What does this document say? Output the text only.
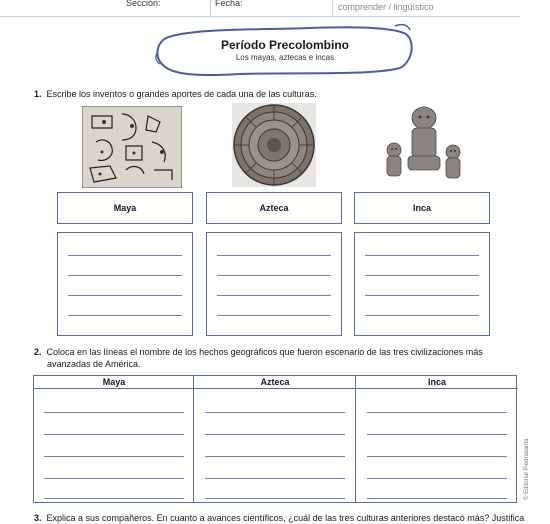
Sección:	Fecha:	comprender / lingüístico
Período Precolombino
Los mayas, aztecas e incas
1. Escribe los inventos o grandes aportes de cada una de las culturas.
Maya	Azteca	Inca
2. Coloca en las líneas el nombre de los hechos geográficos que fueron escenario de las tres civilizaciones más
avanzadas de América.
Maya	Azteca	Inca
3. Explica a sus compañeros. En cuanto a avances científicos, ¿cuál de las tres culturas anteriores destacó más? Justifica
© Editorial Piedrasanta
